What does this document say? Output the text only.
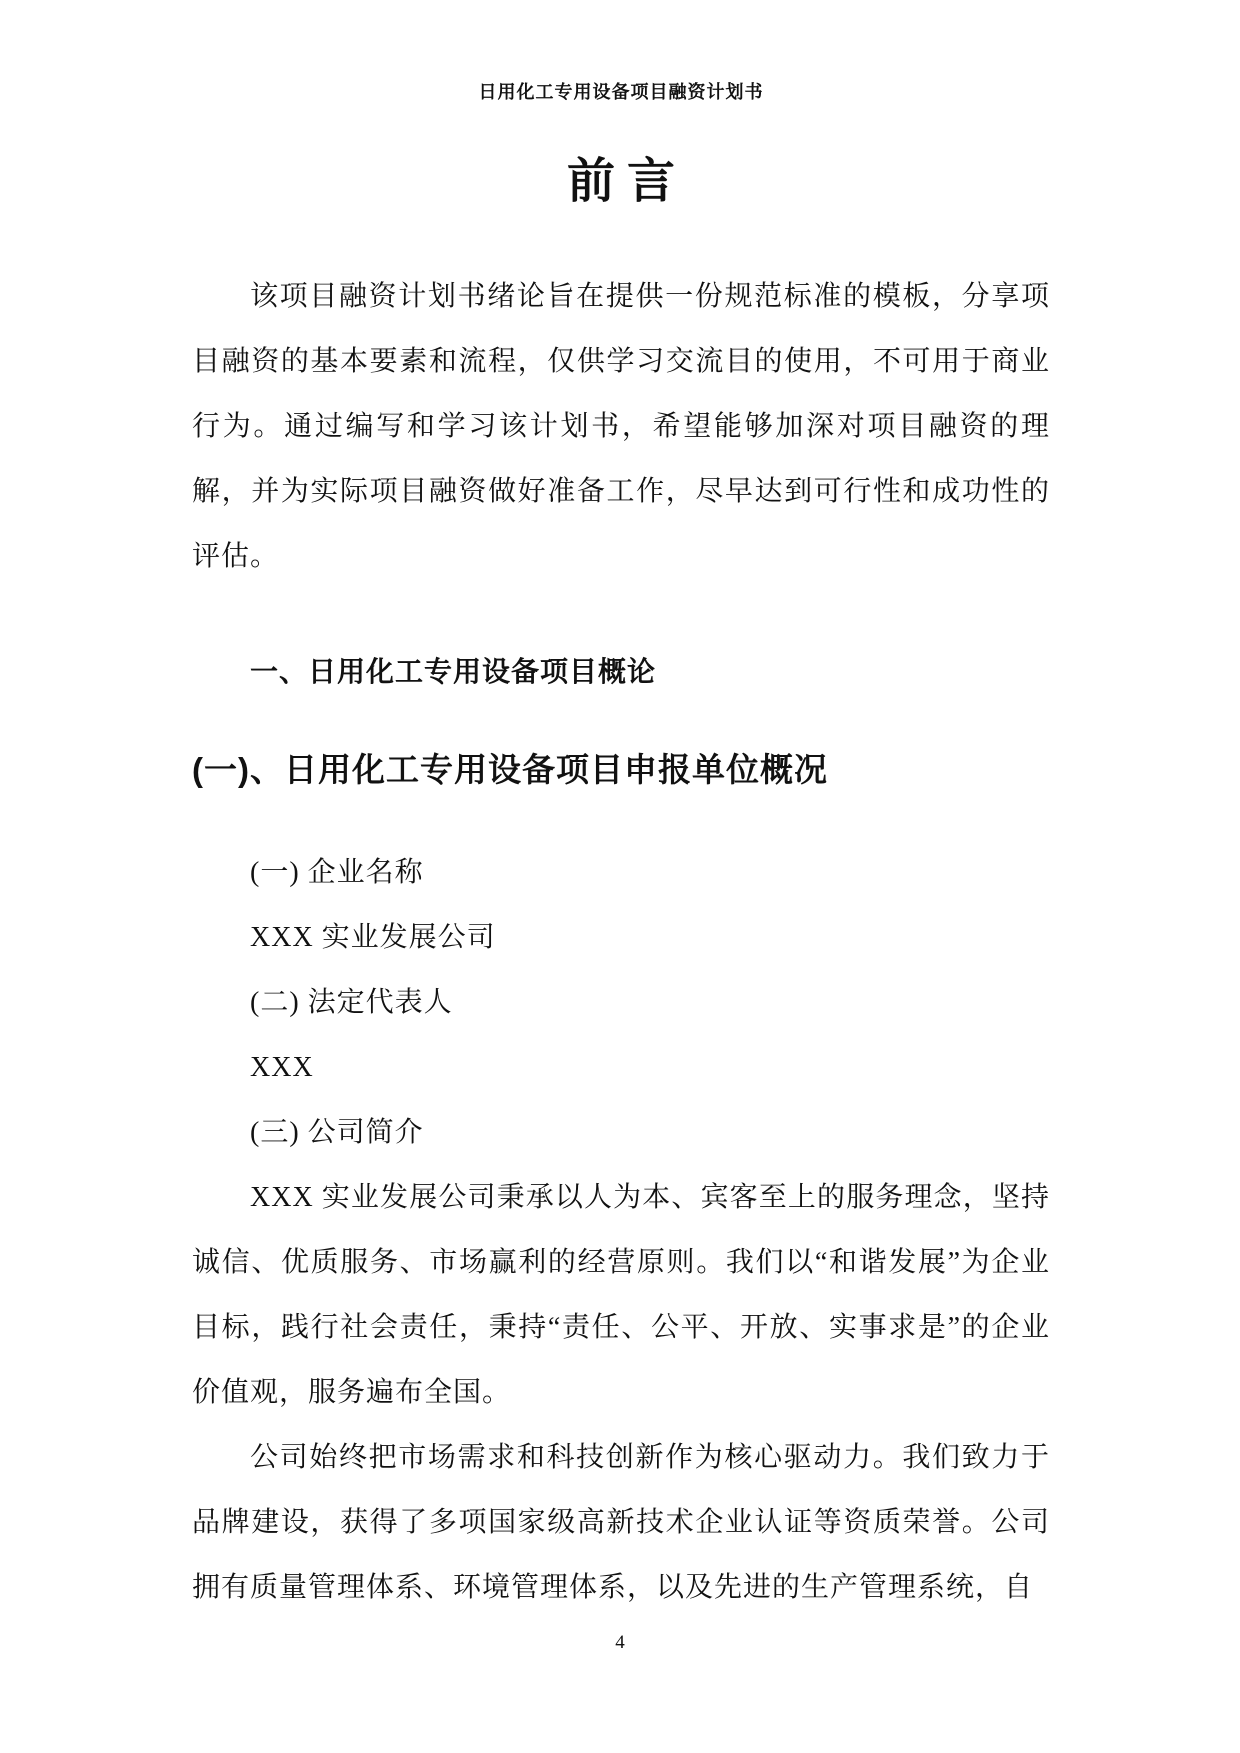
日用化工专用设备项目融资计划书
前言

该项目融资计划书绪论旨在提供一份规范标准的模板，分享项目融资的基本要素和流程，仅供学习交流目的使用，不可用于商业行为。通过编写和学习该计划书，希望能够加深对项目融资的理解，并为实际项目融资做好准备工作，尽早达到可行性和成功性的评估。

一、日用化工专用设备项目概论
(一)、日用化工专用设备项目申报单位概况

(一) 企业名称

XXX 实业发展公司

(二) 法定代表人

XXX

(三) 公司简介

XXX 实业发展公司秉承以人为本、宾客至上的服务理念，坚持诚信、优质服务、市场赢利的经营原则。我们以“和谐发展”为企业目标，践行社会责任，秉持“责任、公平、开放、实事求是”的企业价值观，服务遍布全国。

公司始终把市场需求和科技创新作为核心驱动力。我们致力于品牌建设，获得了多项国家级高新技术企业认证等资质荣誉。公司拥有质量管理体系、环境管理体系，以及先进的生产管理系统，自

4
